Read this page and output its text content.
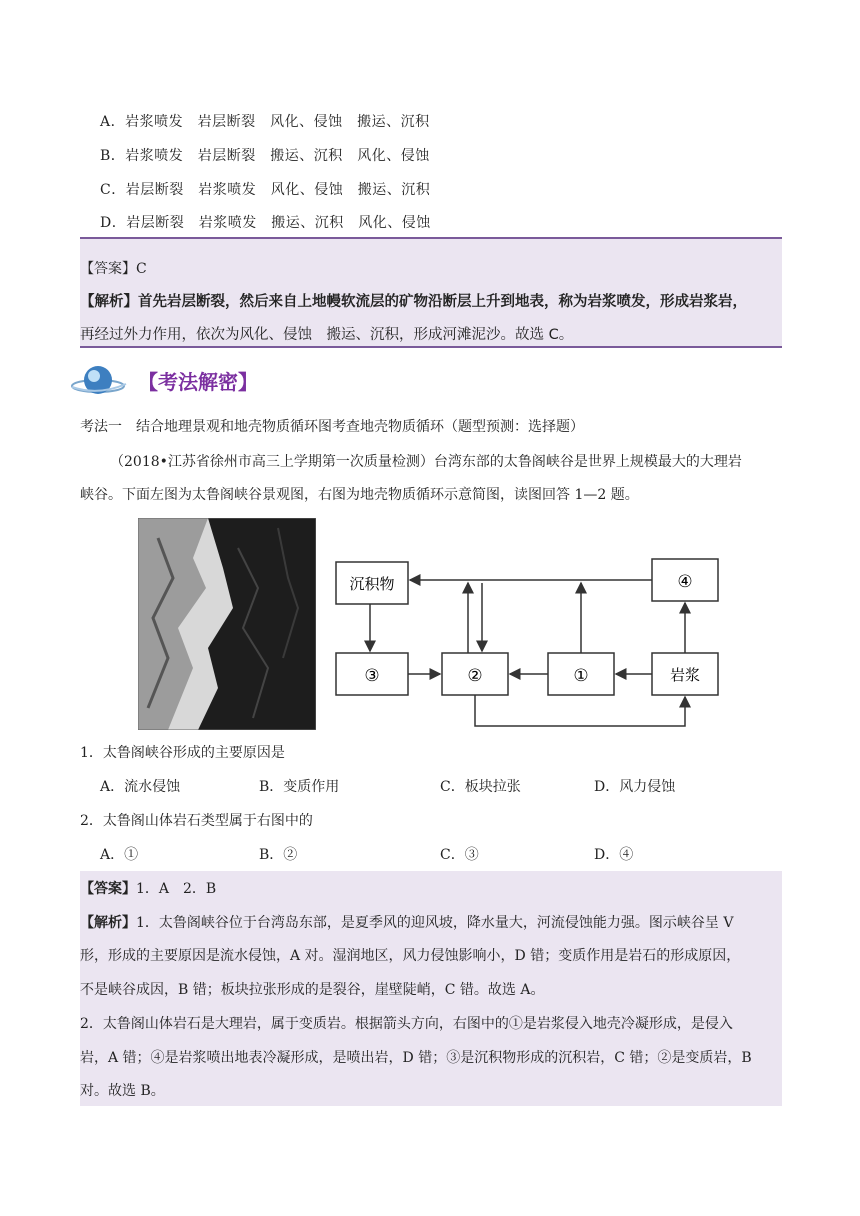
A．岩浆喷发　岩层断裂　风化、侵蚀　搬运、沉积
B．岩浆喷发　岩层断裂　搬运、沉积　风化、侵蚀
C．岩层断裂　岩浆喷发　风化、侵蚀　搬运、沉积
D．岩层断裂　岩浆喷发　搬运、沉积　风化、侵蚀
【答案】C
【解析】首先岩层断裂，然后来自上地幔软流层的矿物沿断层上升到地表，称为岩浆喷发，形成岩浆岩，
再经过外力作用，依次为风化、侵蚀　搬运、沉积，形成河滩泥沙。故选 C。
【考法解密】
考法一　结合地理景观和地壳物质循环图考查地壳物质循环（题型预测：选择题）
（2018•江苏省徐州市高三上学期第一次质量检测）台湾东部的太鲁阁峡谷是世界上规模最大的大理岩
峡谷。下面左图为太鲁阁峡谷景观图，右图为地壳物质循环示意简图，读图回答 1—2 题。
沉积物	④
③	②	①	岩浆
1．太鲁阁峡谷形成的主要原因是
A．流水侵蚀	B．变质作用	C．板块拉张	D．风力侵蚀
2．太鲁阁山体岩石类型属于右图中的
A．①	B．②	C．③	D．④
【答案】1．A　2．B
【解析】1．太鲁阁峡谷位于台湾岛东部，是夏季风的迎风坡，降水量大，河流侵蚀能力强。图示峡谷呈 V
形，形成的主要原因是流水侵蚀，A 对。湿润地区，风力侵蚀影响小，D 错；变质作用是岩石的形成原因，
不是峡谷成因，B 错；板块拉张形成的是裂谷，崖壁陡峭，C 错。故选 A。
2．太鲁阁山体岩石是大理岩，属于变质岩。根据箭头方向，右图中的①是岩浆侵入地壳冷凝形成，是侵入
岩，A 错；④是岩浆喷出地表冷凝形成，是喷出岩，D 错；③是沉积物形成的沉积岩，C 错；②是变质岩，B
对。故选 B。
